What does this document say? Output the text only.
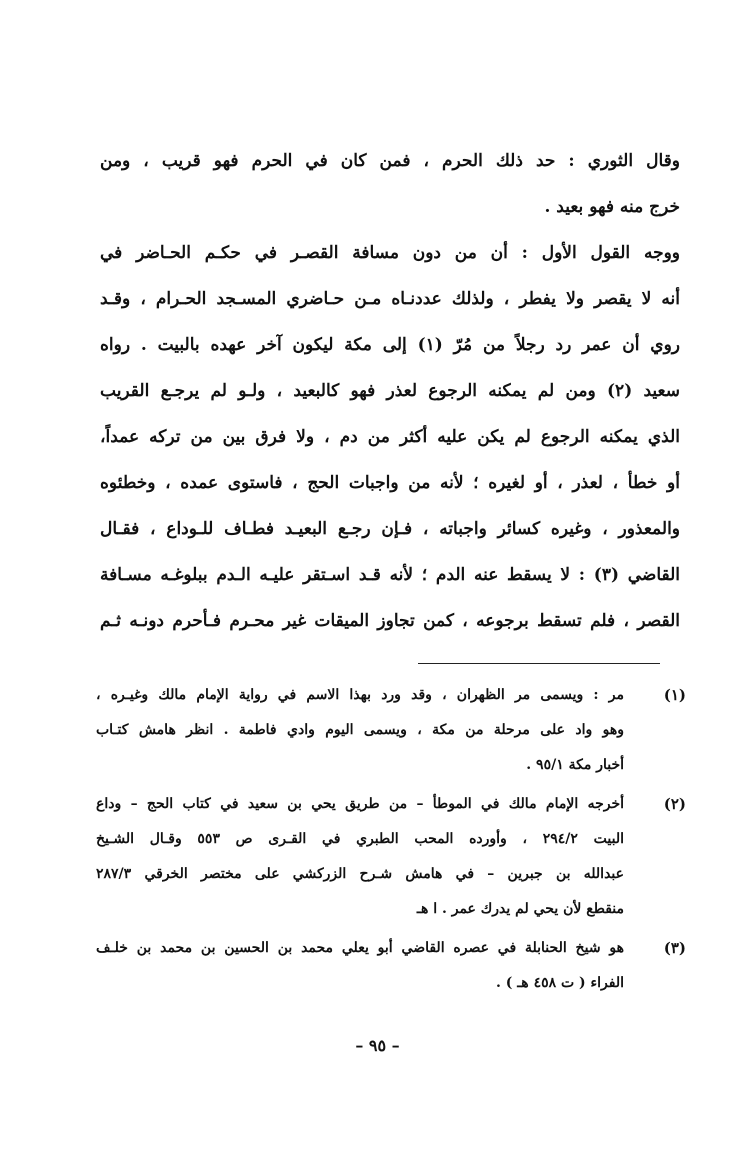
وقال الثوري : حد ذلك الحرم ، فمن كان في الحرم فهو قريب ، ومن
خرج منه فهو بعيد .
ووجه القول الأول : أن من دون مسافة القصـر في حكـم الحـاضر في
أنه لا يقصر ولا يفطر ، ولذلك عددنـاه مـن حـاضري المسـجد الحـرام ، وقـد
روي أن عمر رد رجلاً من مُرّ (١) إلى مكة ليكون آخر عهده بالبيت . رواه
سعيد (٢) ومن لم يمكنه الرجوع لعذر فهو كالبعيد ، ولـو لم يرجـع القريب
الذي يمكنه الرجوع لم يكن عليه أكثر من دم ، ولا فرق بين من تركه عمداً،
أو خطأ ، لعذر ، أو لغيره ؛ لأنه من واجبات الحج ، فاستوى عمده ، وخطئوه
والمعذور ، وغيره كسائر واجباته ، فـإن رجـع البعيـد فطـاف للـوداع ، فقـال
القاضي (٣) : لا يسقط عنه الدم ؛ لأنه قـد اسـتقر عليـه الـدم ببلوغـه مسـافة
القصر ، فلم تسقط برجوعه ، كمن تجاوز الميقات غير محـرم فـأحرم دونـه ثـم
(١)
مر : ويسمى مر الظهران ، وقد ورد بهذا الاسم في رواية الإمام مالك وغيـره ،
وهو واد على مرحلة من مكة ، ويسمى اليوم وادي فاطمة . انظر هامش كتـاب
أخبار مكة ٩٥/١ .
(٢)
أخرجه الإمام مالك في الموطأ – من طريق يحي بن سعيد في كتاب الحج – وداع
البيت ٢٩٤/٢ ، وأورده المحب الطبري في القـرى ص ٥٥٣ وقـال الشـيخ
عبدالله بن جبرين – في هامش شـرح الزركشي على مختصر الخرقي ٢٨٧/٣
منقطع لأن يحي لم يدرك عمر . ا هـ
(٣)
هو شيخ الحنابلة في عصره القاضي أبو يعلي محمد بن الحسين بن محمد بن خلـف
الفراء ( ت ٤٥٨ هـ ) .
– ٩٥ –
